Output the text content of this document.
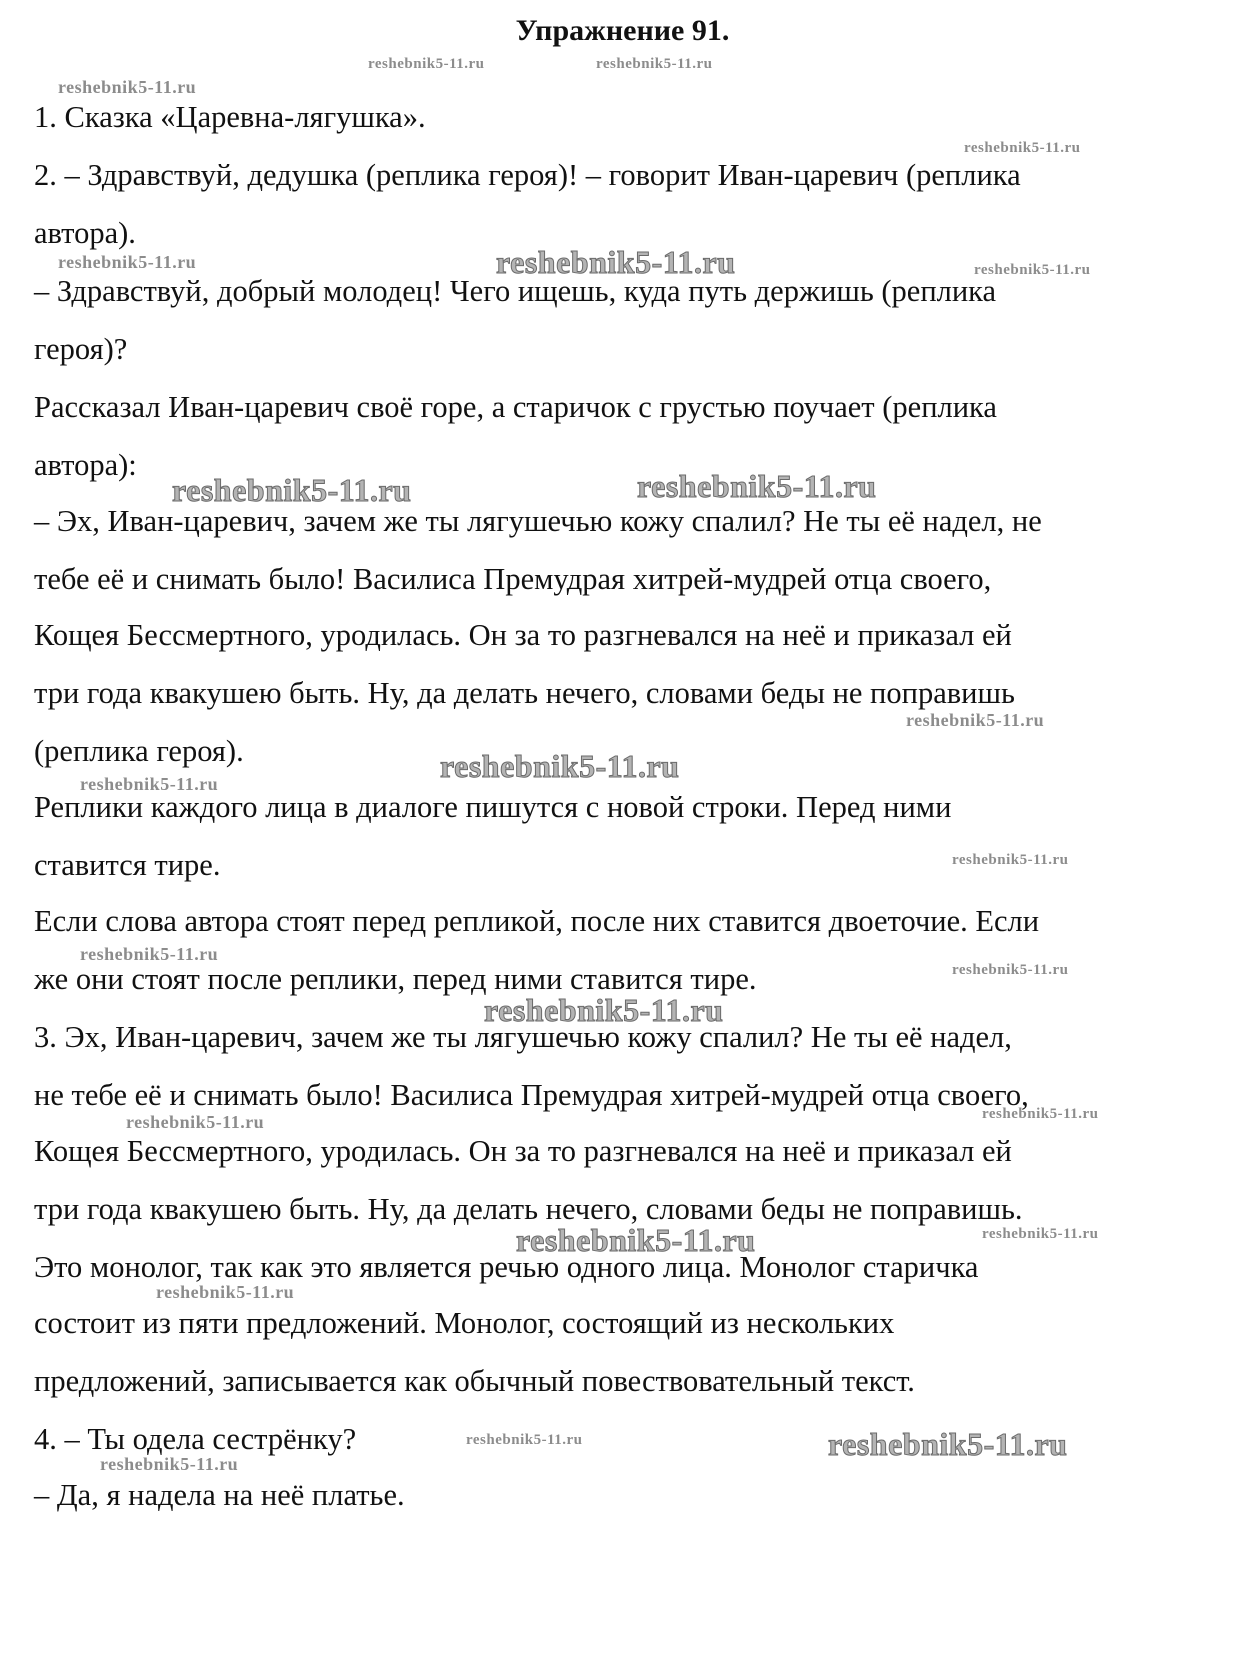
Упражнение 91.
reshebnik5-11.ru	reshebnik5-11.ru
reshebnik5-11.ru
reshebnik5-11.ru
reshebnik5-11.ru	reshebnik5-11.ru	reshebnik5-11.ru
reshebnik5-11.ru	reshebnik5-11.ru
reshebnik5-11.ru
reshebnik5-11.ru
reshebnik5-11.ru
reshebnik5-11.ru
reshebnik5-11.ru
reshebnik5-11.ru
reshebnik5-11.ru
reshebnik5-11.ru	reshebnik5-11.ru
reshebnik5-11.ru
reshebnik5-11.ru
reshebnik5-11.ru
reshebnik5-11.ru	reshebnik5-11.ru
reshebnik5-11.ru
1. Сказка «Царевна-лягушка».
2. – Здравствуй, дедушка (реплика героя)! – говорит Иван-царевич (реплика
автора).
– Здравствуй, добрый молодец! Чего ищешь, куда путь держишь (реплика
героя)?
Рассказал Иван-царевич своё горе, а старичок с грустью поучает (реплика
автора):
– Эх, Иван-царевич, зачем же ты лягушечью кожу спалил? Не ты её надел, не
тебе её и снимать было! Василиса Премудрая хитрей-мудрей отца своего,
Кощея Бессмертного, уродилась. Он за то разгневался на неё и приказал ей
три года квакушею быть. Ну, да делать нечего, словами беды не поправишь
(реплика героя).
Реплики каждого лица в диалоге пишутся с новой строки. Перед ними
ставится тире.
Если слова автора стоят перед репликой, после них ставится двоеточие. Если
же они стоят после реплики, перед ними ставится тире.
3. Эх, Иван-царевич, зачем же ты лягушечью кожу спалил? Не ты её надел,
не тебе её и снимать было! Василиса Премудрая хитрей-мудрей отца своего,
Кощея Бессмертного, уродилась. Он за то разгневался на неё и приказал ей
три года квакушею быть. Ну, да делать нечего, словами беды не поправишь.
Это монолог, так как это является речью одного лица. Монолог старичка
состоит из пяти предложений. Монолог, состоящий из нескольких
предложений, записывается как обычный повествовательный текст.
4. – Ты одела сестрёнку?
– Да, я надела на неё платье.
